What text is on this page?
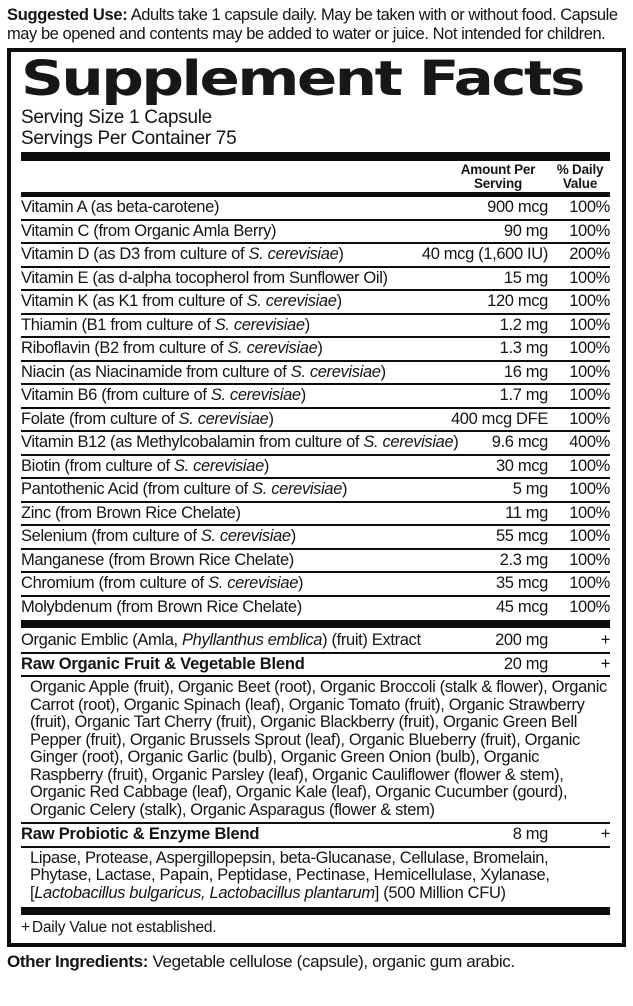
Suggested Use: Adults take 1 capsule daily. May be taken with or without food. Capsule may be opened and contents may be added to water or juice. Not intended for children.

Supplement Facts
Serving Size 1 Capsule
Servings Per Container 75
Amount Per Serving
% Daily Value
Vitamin A (as beta-carotene)	900 mcg	100%
Vitamin C (from Organic Amla Berry)	90 mg	100%
Vitamin D (as D3 from culture of S. cerevisiae)	40 mcg (1,600 IU)	200%
Vitamin E (as d-alpha tocopherol from Sunflower Oil)	15 mg	100%
Vitamin K (as K1 from culture of S. cerevisiae)	120 mcg	100%
Thiamin (B1 from culture of S. cerevisiae)	1.2 mg	100%
Riboflavin (B2 from culture of S. cerevisiae)	1.3 mg	100%
Niacin (as Niacinamide from culture of S. cerevisiae)	16 mg	100%
Vitamin B6 (from culture of S. cerevisiae)	1.7 mg	100%
Folate (from culture of S. cerevisiae)	400 mcg DFE	100%
Vitamin B12 (as Methylcobalamin from culture of S. cerevisiae)	9.6 mcg	400%
Biotin (from culture of S. cerevisiae)	30 mcg	100%
Pantothenic Acid (from culture of S. cerevisiae)	5 mg	100%
Zinc (from Brown Rice Chelate)	11 mg	100%
Selenium (from culture of S. cerevisiae)	55 mcg	100%
Manganese (from Brown Rice Chelate)	2.3 mg	100%
Chromium (from culture of S. cerevisiae)	35 mcg	100%
Molybdenum (from Brown Rice Chelate)	45 mcg	100%
Organic Emblic (Amla, Phyllanthus emblica) (fruit) Extract	200 mg	+
Raw Organic Fruit & Vegetable Blend	20 mg	+
Organic Apple (fruit), Organic Beet (root), Organic Broccoli (stalk & flower), Organic Carrot (root), Organic Spinach (leaf), Organic Tomato (fruit), Organic Strawberry (fruit), Organic Tart Cherry (fruit), Organic Blackberry (fruit), Organic Green Bell Pepper (fruit), Organic Brussels Sprout (leaf), Organic Blueberry (fruit), Organic Ginger (root), Organic Garlic (bulb), Organic Green Onion (bulb), Organic Raspberry (fruit), Organic Parsley (leaf), Organic Cauliflower (flower & stem), Organic Red Cabbage (leaf), Organic Kale (leaf), Organic Cucumber (gourd), Organic Celery (stalk), Organic Asparagus (flower & stem)
Raw Probiotic & Enzyme Blend	8 mg	+
Lipase, Protease, Aspergillopepsin, beta-Glucanase, Cellulase, Bromelain, Phytase, Lactase, Papain, Peptidase, Pectinase, Hemicellulase, Xylanase, [Lactobacillus bulgaricus, Lactobacillus plantarum] (500 Million CFU)
+ Daily Value not established.

Other Ingredients: Vegetable cellulose (capsule), organic gum arabic.
